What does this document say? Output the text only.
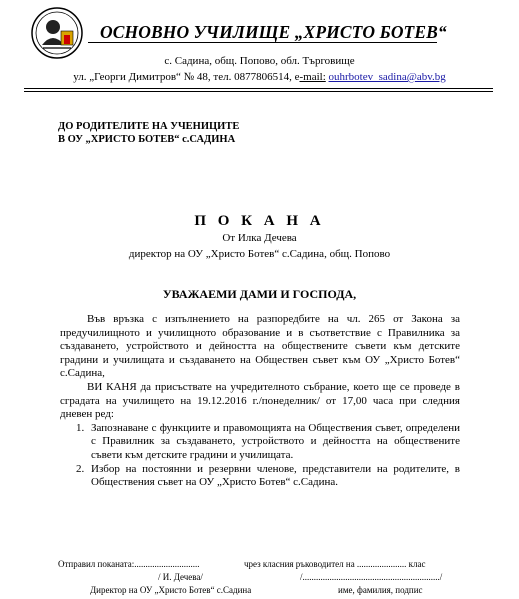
ОСНОВНО УЧИЛИЩЕ „ХРИСТО БОТЕВ“
с. Садина, общ. Попово, обл. Търговище
ул. „Георги Димитров“ № 48, тел. 0877806514, e-mail: ouhrbotev_sadina@abv.bg
ДО РОДИТЕЛИТЕ НА УЧЕНИЦИТЕ
В ОУ „ХРИСТО БОТЕВ“ с.САДИНА
П О К А Н А
От Илка Дечева
директор на ОУ „Христо Ботев“ с.Садина, общ. Попово
УВАЖАЕМИ ДАМИ И ГОСПОДА,

Във връзка с изпълнението на разпоредбите на чл. 265 от Закона за предучилищното и училищното образование и в съответствие с Правилника за създаването, устройството и дейността на обществените съвети към детските градини и училищата и създаването на Обществен съвет към ОУ „Христо Ботев“ с.Садина,

ВИ КАНЯ да присъствате на учредителното събрание, което ще се проведе в сградата на училището на 19.12.2016 г./понеделник/ от 17,00 часа при следния дневен ред:

1. Запознаване с функциите и правомощията на Обществения съвет, определени с Правилник за създаването, устройството и дейността на обществените съвети към детските градини и училищата.
2. Избор на постоянни и резервни членове, представители на родителите, в Обществения съвет на ОУ „Христо Ботев“ с.Садина.
Отправил поканата:.............................	чрез класния ръководител на ...................... клас
/ И. Дечева/	/............................................................./
Директор на ОУ „Христо Ботев“ с.Садина	име, фамилия, подпис
